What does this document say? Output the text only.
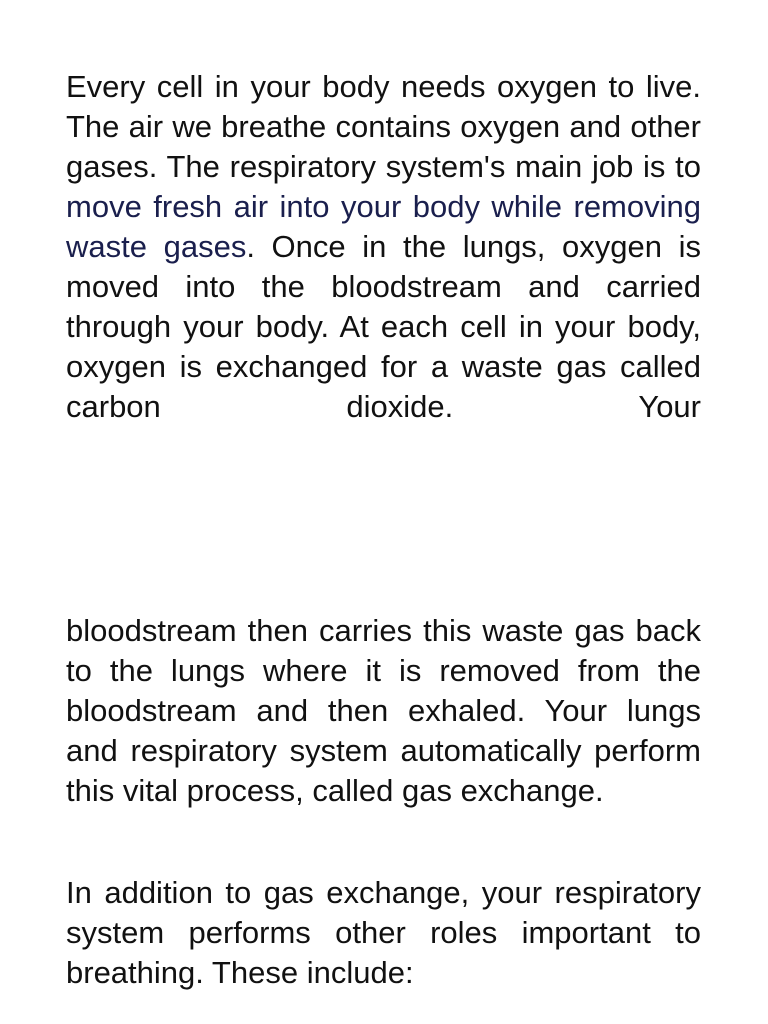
Every cell in your body needs oxygen to live. The air we breathe contains oxygen and other gases. The respiratory system's main job is to move fresh air into your body while removing waste gases. Once in the lungs, oxygen is moved into the bloodstream and carried through your body. At each cell in your body, oxygen is exchanged for a waste gas called carbon dioxide. Your

bloodstream then carries this waste gas back to the lungs where it is removed from the bloodstream and then exhaled. Your lungs and respiratory system automatically perform this vital process, called gas exchange.

In addition to gas exchange, your respiratory system performs other roles important to breathing. These include:
